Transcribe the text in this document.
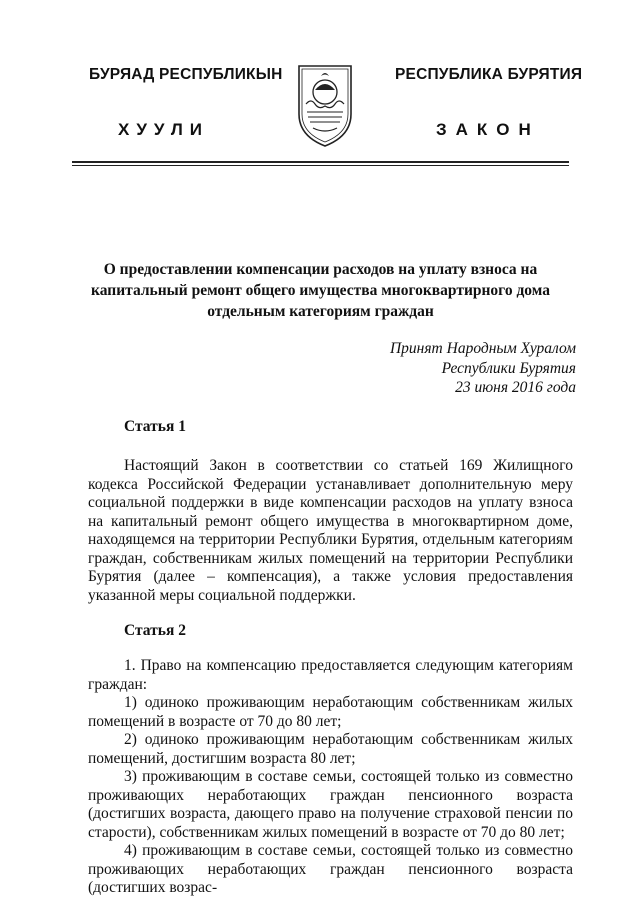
БУРЯАД РЕСПУБЛИКЫН
ХУУЛИ
РЕСПУБЛИКА БУРЯТИЯ
ЗАКОН
О предоставлении компенсации расходов на уплату взноса на капитальный ремонт общего имущества многоквартирного дома отдельным категориям граждан
Принят Народным Хуралом
Республики Бурятия
23 июня 2016 года
Статья 1
Настоящий Закон в соответствии со статьей 169 Жилищного кодекса Российской Федерации устанавливает дополнительную меру социальной поддержки в виде компенсации расходов на уплату взноса на капитальный ремонт общего имущества в многоквартирном доме, находящемся на территории Республики Бурятия, отдельным категориям граждан, собственникам жилых помещений на территории Республики Бурятия (далее – компенсация), а также условия предоставления указанной меры социальной поддержки.
Статья 2
1. Право на компенсацию предоставляется следующим категориям граждан:
1) одиноко проживающим неработающим собственникам жилых помещений в возрасте от 70 до 80 лет;
2) одиноко проживающим неработающим собственникам жилых помещений, достигшим возраста 80 лет;
3) проживающим в составе семьи, состоящей только из совместно проживающих неработающих граждан пенсионного возраста (достигших возраста, дающего право на получение страховой пенсии по старости), собственникам жилых помещений в возрасте от 70 до 80 лет;
4) проживающим в составе семьи, состоящей только из совместно проживающих неработающих граждан пенсионного возраста (достигших возрас-
